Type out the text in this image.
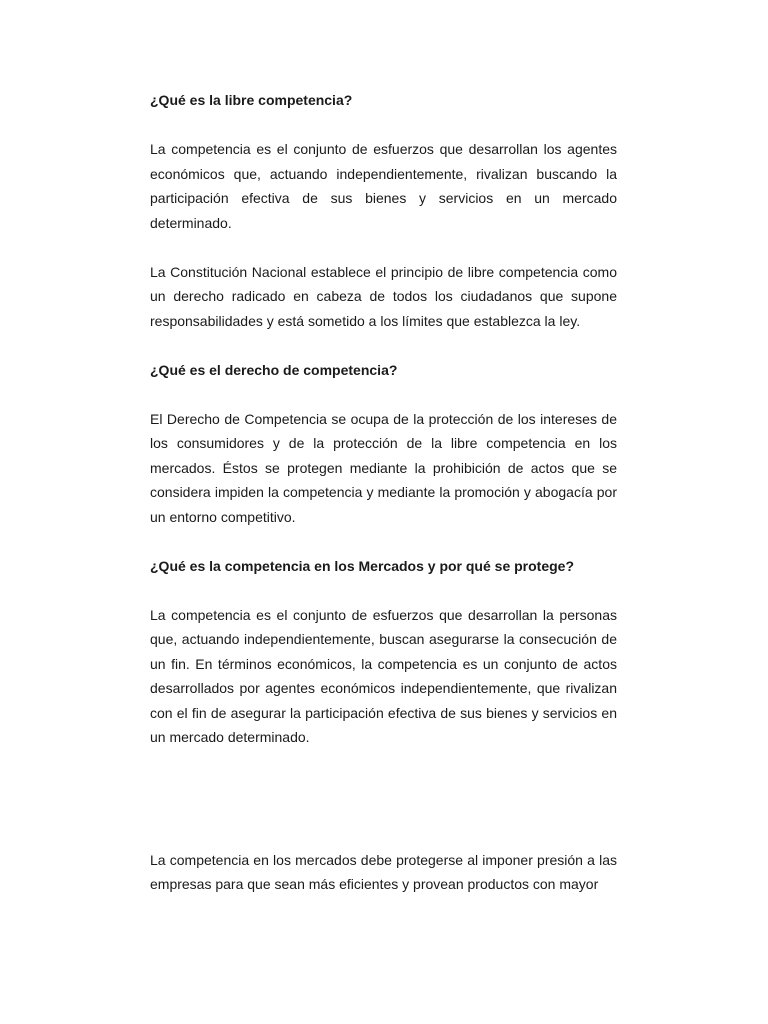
¿Qué es la libre competencia?

La competencia es el conjunto de esfuerzos que desarrollan los agentes económicos que, actuando independientemente, rivalizan buscando la participación efectiva de sus bienes y servicios en un mercado determinado.

La Constitución Nacional establece el principio de libre competencia como un derecho radicado en cabeza de todos los ciudadanos que supone responsabilidades y está sometido a los límites que establezca la ley.

¿Qué es el derecho de competencia?

El Derecho de Competencia se ocupa de la protección de los intereses de los consumidores y de la protección de la libre competencia en los mercados. Éstos se protegen mediante la prohibición de actos que se considera impiden la competencia y mediante la promoción y abogacía por un entorno competitivo.

¿Qué es la competencia en los Mercados y por qué se protege?

La competencia es el conjunto de esfuerzos que desarrollan la personas que, actuando independientemente, buscan asegurarse la consecución de un fin. En términos económicos, la competencia es un conjunto de actos desarrollados por agentes económicos independientemente, que rivalizan con el fin de asegurar la participación efectiva de sus bienes y servicios en un mercado determinado.

La competencia en los mercados debe protegerse al imponer presión a las empresas para que sean más eficientes y provean productos con mayor
